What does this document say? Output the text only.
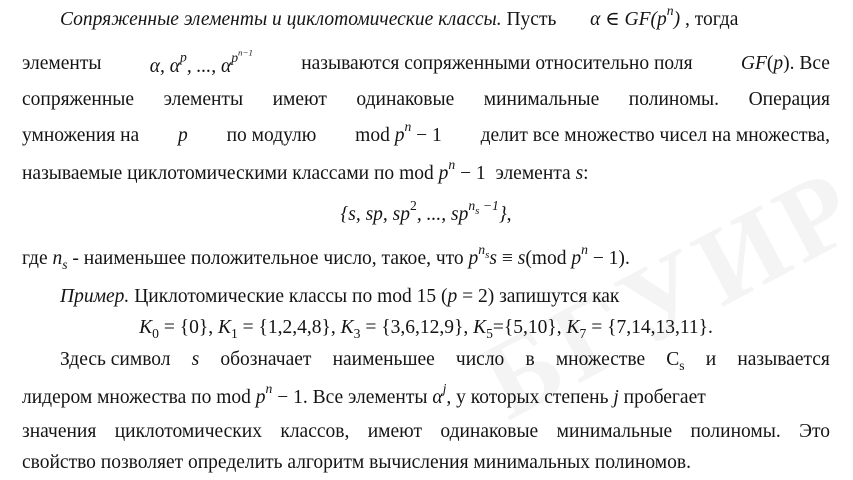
Сопряженные элементы и циклотомические классы. Пусть α ∈ $GF(p^n)$ , тогда
элементы α, $\alpha^p$, ..., $\alpha^{p^{n-1}}$
называются сопряженными относительно поля GF(p). Все
сопряженные элементы имеют одинаковые минимальные полиномы. Операция
умножения на p по модулю mod $p^n - 1$ делит все множество чисел на множества,
называемые циклотомическими классами по mod $p^n - 1$ элемента s:
{s, sp, $sp^2$, ..., $sp^{n_s -1}$},
где $n_s$ - наименьшее положительное число, такое, что $p^{n_s}s \equiv s(mod$ $p^n - 1$).
Пример. Циклотомические классы по mod 15 (p = 2) запишутся как
$K_0 = \{0\}$, $K_1 = \{1,2,4,8\}$, $K_3 = \{3,6,12,9\}$, $K_5=\{5,10\}$, $K_7 = \{7,14,13,11\}$.
Здесь символ s обозначает наименьшее число в множестве $C_s$ и называется
лидером множества по mod $p^n - 1$. Все элементы $\alpha^j$, у которых степень j пробегает
значения циклотомических классов, имеют одинаковые минимальные полиномы. Это
свойство позволяет определить алгоритм вычисления минимальных полиномов.
